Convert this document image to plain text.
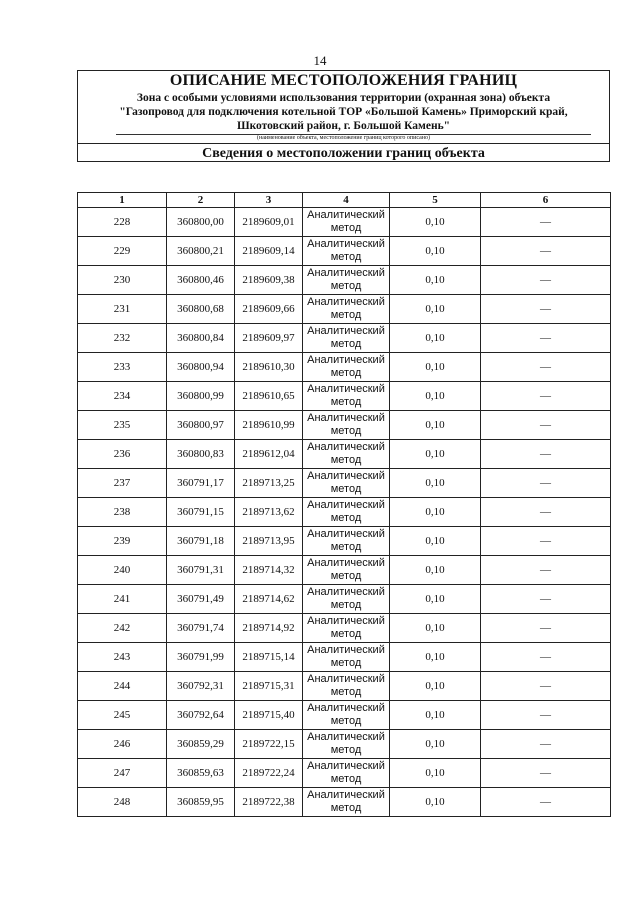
14
ОПИСАНИЕ МЕСТОПОЛОЖЕНИЯ ГРАНИЦ
Зона с особыми условиями использования территории (охранная зона) объекта
"Газопровод для подключения котельной ТОР «Большой Камень» Приморский край,
Шкотовский район, г. Большой Камень"
(наименование объекта, местоположение границ которого описано)
Сведения о местоположении границ объекта
1	2	3	4	5	6
228	360800,00	2189609,01	Аналитический метод	0,10	—
229	360800,21	2189609,14	Аналитический метод	0,10	—
230	360800,46	2189609,38	Аналитический метод	0,10	—
231	360800,68	2189609,66	Аналитический метод	0,10	—
232	360800,84	2189609,97	Аналитический метод	0,10	—
233	360800,94	2189610,30	Аналитический метод	0,10	—
234	360800,99	2189610,65	Аналитический метод	0,10	—
235	360800,97	2189610,99	Аналитический метод	0,10	—
236	360800,83	2189612,04	Аналитический метод	0,10	—
237	360791,17	2189713,25	Аналитический метод	0,10	—
238	360791,15	2189713,62	Аналитический метод	0,10	—
239	360791,18	2189713,95	Аналитический метод	0,10	—
240	360791,31	2189714,32	Аналитический метод	0,10	—
241	360791,49	2189714,62	Аналитический метод	0,10	—
242	360791,74	2189714,92	Аналитический метод	0,10	—
243	360791,99	2189715,14	Аналитический метод	0,10	—
244	360792,31	2189715,31	Аналитический метод	0,10	—
245	360792,64	2189715,40	Аналитический метод	0,10	—
246	360859,29	2189722,15	Аналитический метод	0,10	—
247	360859,63	2189722,24	Аналитический метод	0,10	—
248	360859,95	2189722,38	Аналитический метод	0,10	—
